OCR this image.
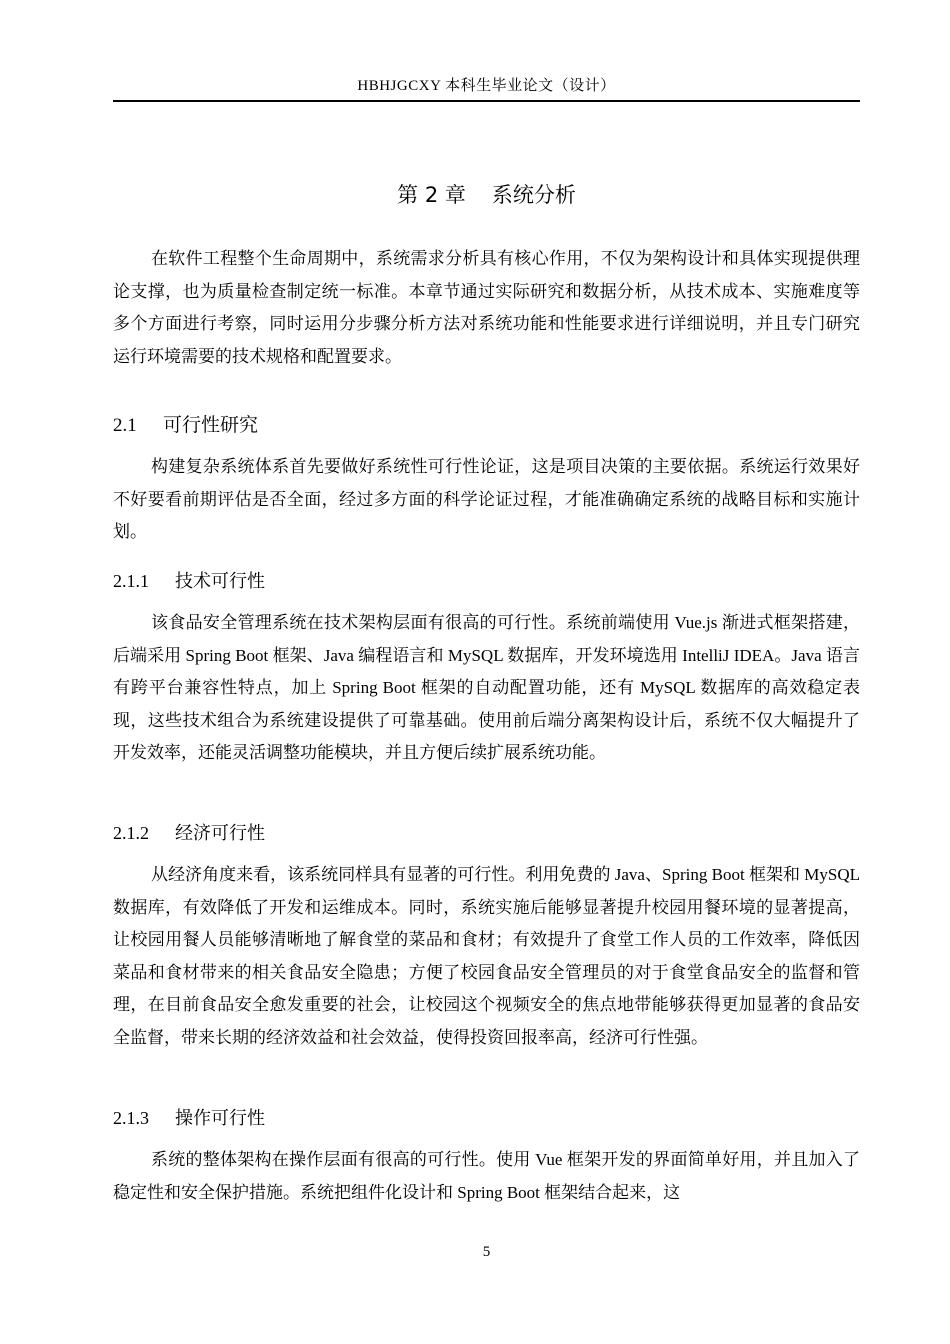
HBHJGCXY 本科生毕业论文（设计）
第 2 章 系统分析

在软件工程整个生命周期中，系统需求分析具有核心作用，不仅为架构设计和具体实现提供理论支撑，也为质量检查制定统一标准。本章节通过实际研究和数据分析，从技术成本、实施难度等多个方面进行考察，同时运用分步骤分析方法对系统功能和性能要求进行详细说明，并且专门研究运行环境需要的技术规格和配置要求。

2.1 可行性研究

构建复杂系统体系首先要做好系统性可行性论证，这是项目决策的主要依据。系统运行效果好不好要看前期评估是否全面，经过多方面的科学论证过程，才能准确确定系统的战略目标和实施计划。

2.1.1 技术可行性

该食品安全管理系统在技术架构层面有很高的可行性。系统前端使用 Vue.js 渐进式框架搭建，后端采用 Spring Boot 框架、Java 编程语言和 MySQL 数据库，开发环境选用 IntelliJ IDEA。Java 语言有跨平台兼容性特点，加上 Spring Boot 框架的自动配置功能，还有 MySQL 数据库的高效稳定表现，这些技术组合为系统建设提供了可靠基础。使用前后端分离架构设计后，系统不仅大幅提升了开发效率，还能灵活调整功能模块，并且方便后续扩展系统功能。

2.1.2 经济可行性

从经济角度来看，该系统同样具有显著的可行性。利用免费的 Java、Spring Boot 框架和 MySQL 数据库，有效降低了开发和运维成本。同时，系统实施后能够显著提升校园用餐环境的显著提高，让校园用餐人员能够清晰地了解食堂的菜品和食材；有效提升了食堂工作人员的工作效率，降低因菜品和食材带来的相关食品安全隐患；方便了校园食品安全管理员的对于食堂食品安全的监督和管理，在目前食品安全愈发重要的社会，让校园这个视频安全的焦点地带能够获得更加显著的食品安全监督，带来长期的经济效益和社会效益，使得投资回报率高，经济可行性强。

2.1.3 操作可行性

系统的整体架构在操作层面有很高的可行性。使用 Vue 框架开发的界面简单好用，并且加入了稳定性和安全保护措施。系统把组件化设计和 Spring Boot 框架结合起来，这

5
